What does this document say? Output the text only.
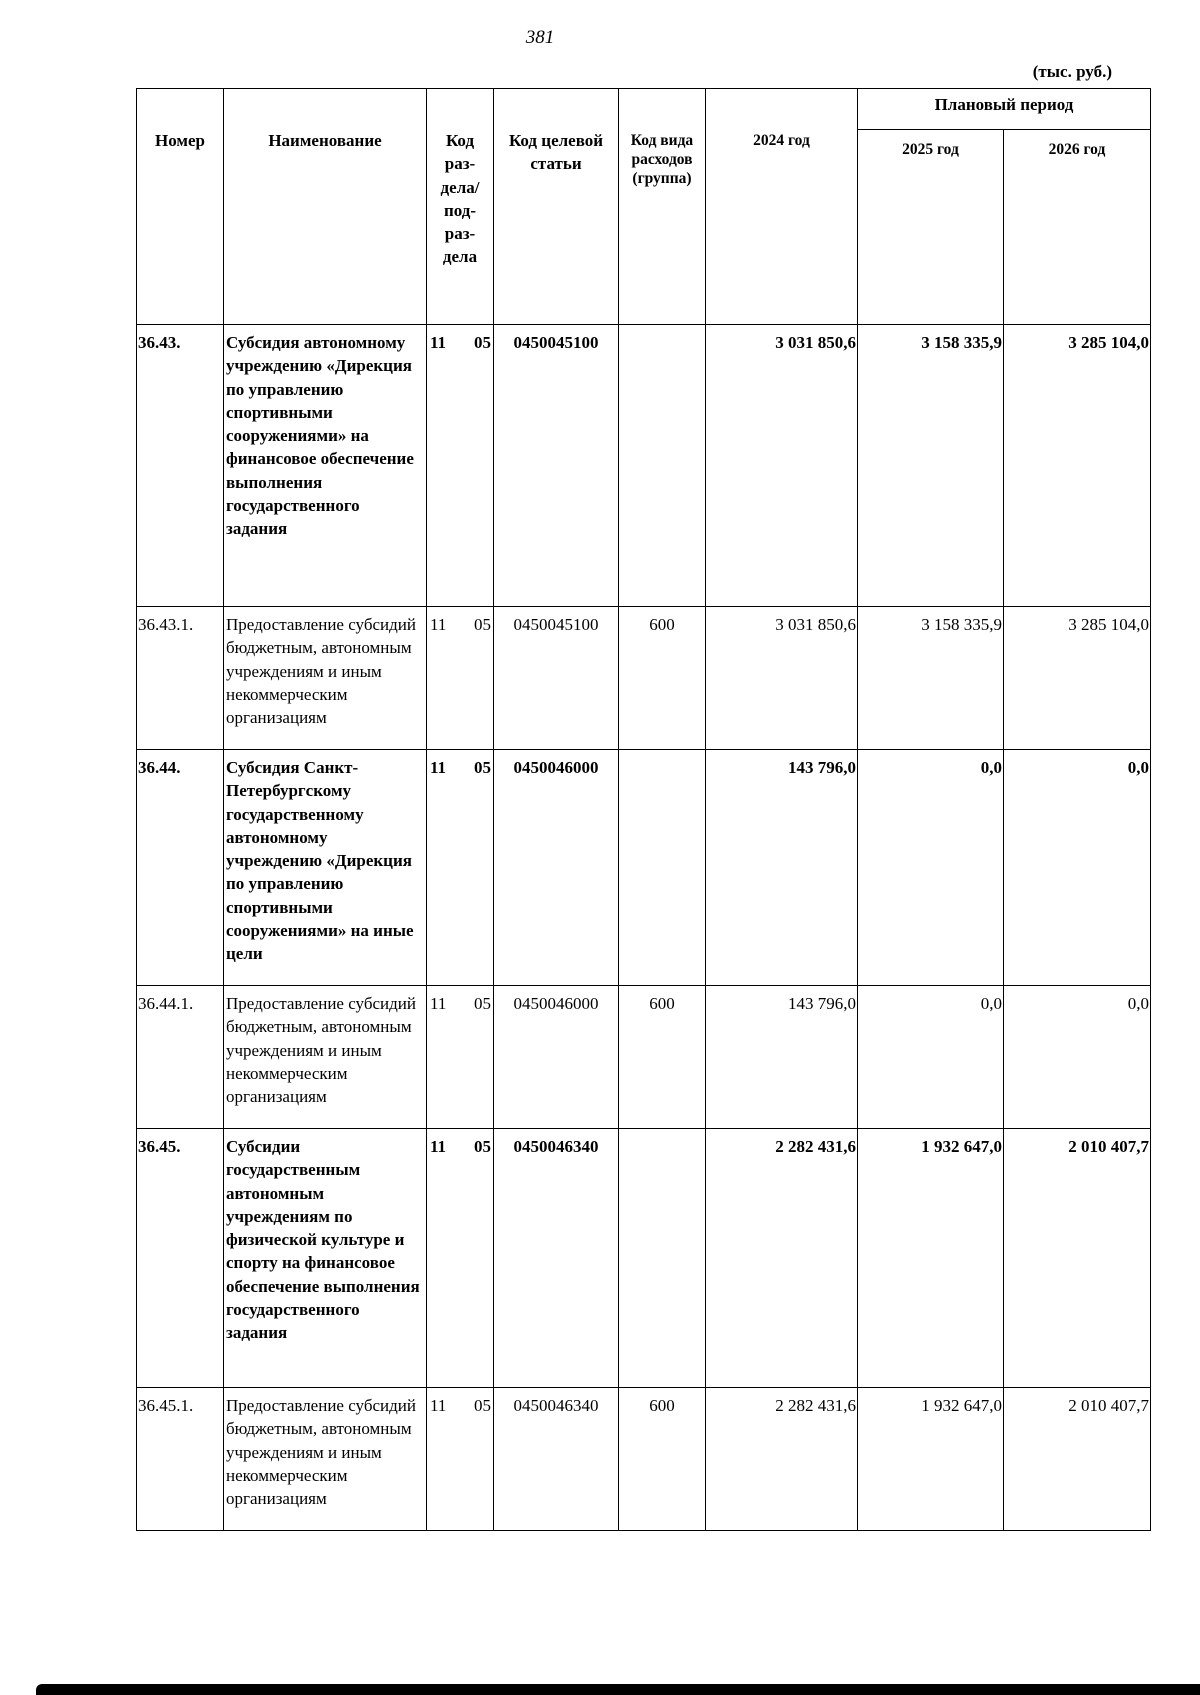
381
(тыс. руб.)
Номер	Наименование	Код раз-дела/ под-раз-дела	Код целевой статьи	Код вида расходов (группа)	2024 год	Плановый период	
						2025 год	2026 год
36.43.	Субсидия автономному учреждению «Дирекция по управлению спортивными сооружениями» на финансовое обеспечение выполнения государственного задания	11 05	0450045100		3 031 850,6	3 158 335,9	3 285 104,0
36.43.1.	Предоставление субсидий бюджетным, автономным учреждениям и иным некоммерческим организациям	11 05	0450045100	600	3 031 850,6	3 158 335,9	3 285 104,0
36.44.	Субсидия Санкт-Петербургскому государственному автономному учреждению «Дирекция по управлению спортивными сооружениями» на иные цели	11 05	0450046000		143 796,0	0,0	0,0
36.44.1.	Предоставление субсидий бюджетным, автономным учреждениям и иным некоммерческим организациям	11 05	0450046000	600	143 796,0	0,0	0,0
36.45.	Субсидии государственным автономным учреждениям по физической культуре и спорту на финансовое обеспечение выполнения государственного задания	11 05	0450046340		2 282 431,6	1 932 647,0	2 010 407,7
36.45.1.	Предоставление субсидий бюджетным, автономным учреждениям и иным некоммерческим организациям	11 05	0450046340	600	2 282 431,6	1 932 647,0	2 010 407,7
